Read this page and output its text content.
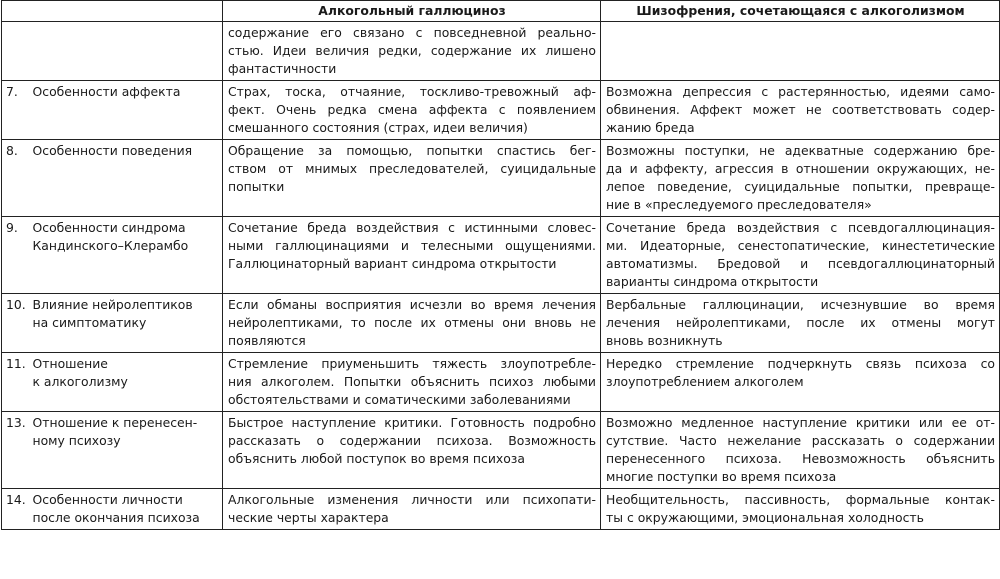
		Алкогольный галлюциноз	Шизофрения, сочетающаяся с алкоголизмом

		содержание его связано с повседневной реально-
стью. Идеи величия редки, содержание их лишено
фантастичности	

7.	Особенности аффекта	Страх, тоска, отчаяние, тоскливо-тревожный аф-
фект. Очень редка смена аффекта с появлением
смешанного состояния (страх, идеи величия)	Возможна депрессия с растерянностью, идеями само-
обвинения. Аффект может не соответствовать содер-
жанию бреда

8.	Особенности поведения	Обращение за помощью, попытки спастись бег-
ством от мнимых преследователей, суицидальные
попытки	Возможны поступки, не адекватные содержанию бре-
да и аффекту, агрессия в отношении окружающих, не-
лепое поведение, суицидальные попытки, превраще-
ние в «преследуемого преследователя»

9.	Особенности синдрома
Кандинского–Клерамбо	Сочетание бреда воздействия с истинными словес-
ными галлюцинациями и телесными ощущениями.
Галлюцинаторный вариант синдрома открытости	Сочетание бреда воздействия с псевдогаллюцинация-
ми. Идеаторные, сенестопатические, кинестетические
автоматизмы. Бредовой и псевдогаллюцинаторный
варианты синдрома открытости

10.	Влияние нейролептиков
на симптоматику	Если обманы восприятия исчезли во время лечения
нейролептиками, то после их отмены они вновь не
появляются	Вербальные галлюцинации, исчезнувшие во время
лечения нейролептиками, после их отмены могут
вновь возникнуть

11.	Отношение
к алкоголизму	Стремление приуменьшить тяжесть злоупотребле-
ния алкоголем. Попытки объяснить психоз любыми
обстоятельствами и соматическими заболеваниями	Нередко стремление подчеркнуть связь психоза со
злоупотреблением алкоголем

13.	Отношение к перенесен-
ному психозу	Быстрое наступление критики. Готовность подробно
рассказать о содержании психоза. Возможность
объяснить любой поступок во время психоза	Возможно медленное наступление критики или ее от-
сутствие. Часто нежелание рассказать о содержании
перенесенного психоза. Невозможность объяснить
многие поступки во время психоза

14.	Особенности личности
после окончания психоза	Алкогольные изменения личности или психопати-
ческие черты характера	Необщительность, пассивность, формальные контак-
ты с окружающими, эмоциональная холодность
